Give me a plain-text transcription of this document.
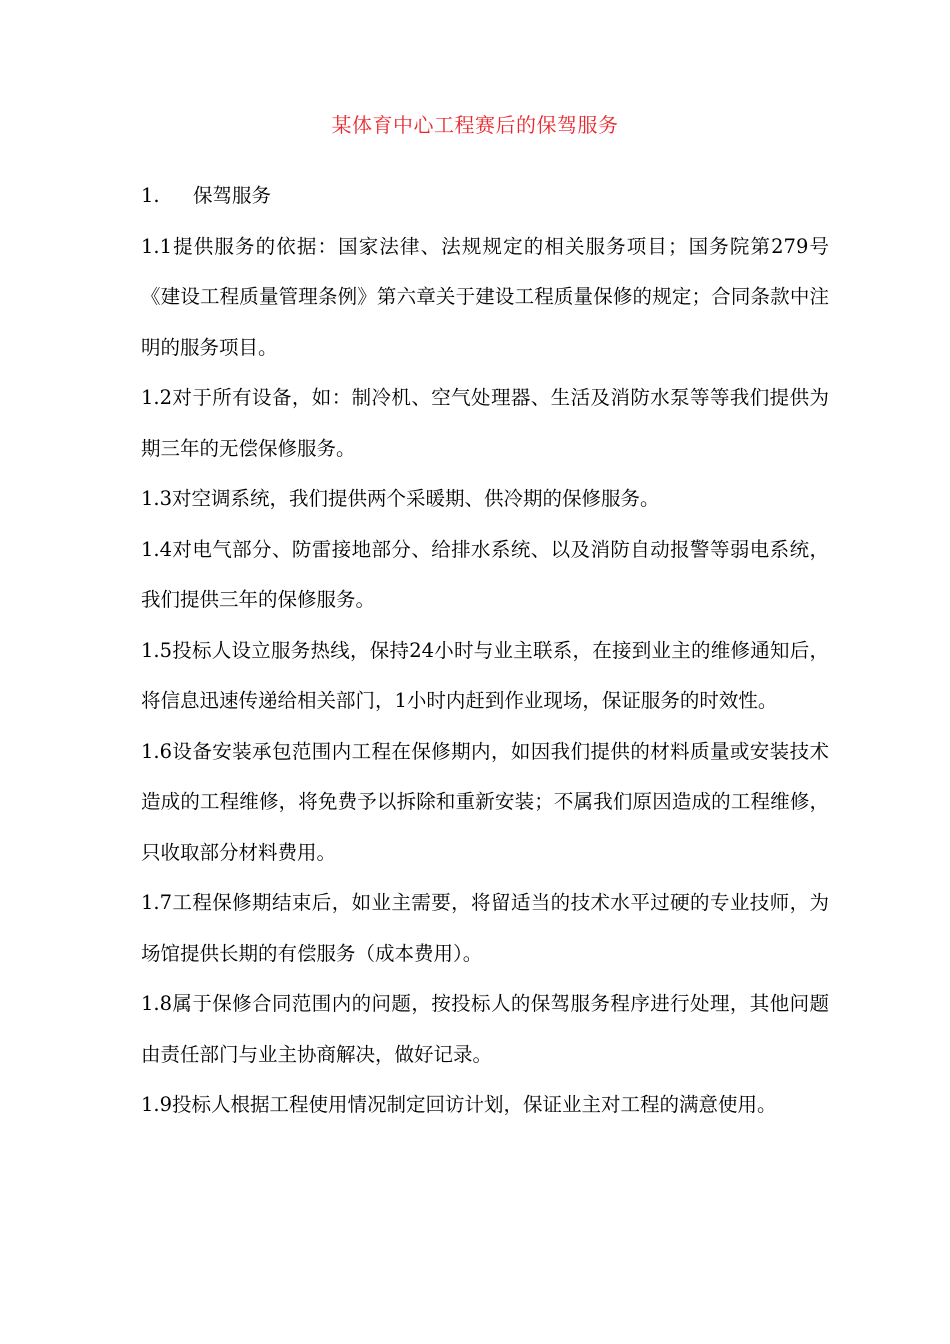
某体育中心工程赛后的保驾服务

1. 保驾服务

1.1提供服务的依据：国家法律、法规规定的相关服务项目；国务院第279号《建设工程质量管理条例》第六章关于建设工程质量保修的规定；合同条款中注明的服务项目。

1.2对于所有设备，如：制冷机、空气处理器、生活及消防水泵等等我们提供为期三年的无偿保修服务。

1.3对空调系统，我们提供两个采暖期、供冷期的保修服务。

1.4对电气部分、防雷接地部分、给排水系统、以及消防自动报警等弱电系统，我们提供三年的保修服务。

1.5投标人设立服务热线，保持24小时与业主联系，在接到业主的维修通知后，将信息迅速传递给相关部门，1小时内赶到作业现场，保证服务的时效性。

1.6设备安装承包范围内工程在保修期内，如因我们提供的材料质量或安装技术造成的工程维修，将免费予以拆除和重新安装；不属我们原因造成的工程维修，只收取部分材料费用。

1.7工程保修期结束后，如业主需要，将留适当的技术水平过硬的专业技师，为场馆提供长期的有偿服务（成本费用）。

1.8属于保修合同范围内的问题，按投标人的保驾服务程序进行处理，其他问题由责任部门与业主协商解决，做好记录。

1.9投标人根据工程使用情况制定回访计划，保证业主对工程的满意使用。
